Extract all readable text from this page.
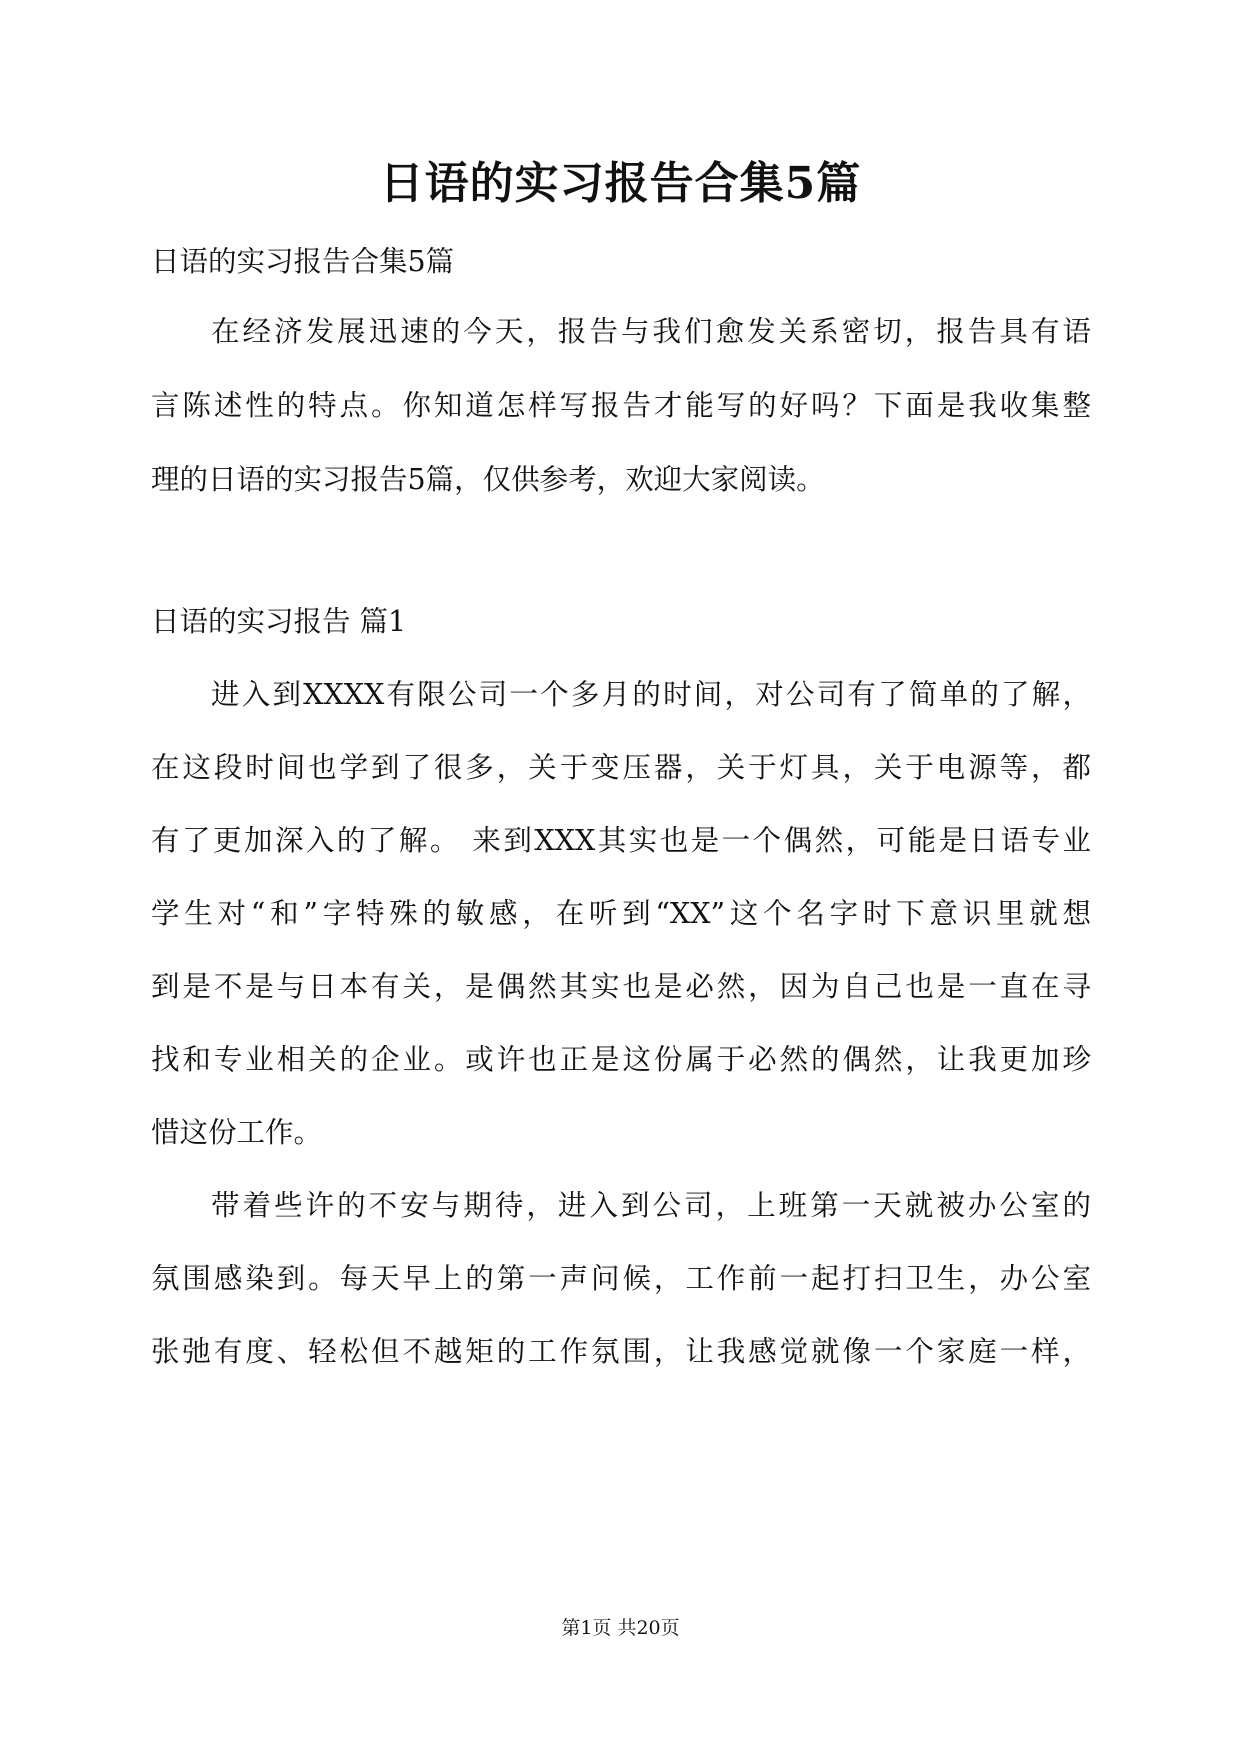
日语的实习报告合集5篇

日语的实习报告合集5篇

在经济发展迅速的今天，报告与我们愈发关系密切，报告具有语

言陈述性的特点。你知道怎样写报告才能写的好吗？下面是我收集整

理的日语的实习报告5篇，仅供参考，欢迎大家阅读。

日语的实习报告 篇1

进入到XXXX有限公司一个多月的时间，对公司有了简单的了解，

在这段时间也学到了很多，关于变压器，关于灯具，关于电源等，都

有了更加深入的了解。 来到XXX其实也是一个偶然，可能是日语专业

学生对“和”字特殊的敏感，在听到“XX”这个名字时下意识里就想

到是不是与日本有关，是偶然其实也是必然，因为自己也是一直在寻

找和专业相关的企业。或许也正是这份属于必然的偶然，让我更加珍

惜这份工作。

带着些许的不安与期待，进入到公司，上班第一天就被办公室的

氛围感染到。每天早上的第一声问候，工作前一起打扫卫生，办公室

张弛有度、轻松但不越矩的工作氛围，让我感觉就像一个家庭一样，

第1页 共20页
